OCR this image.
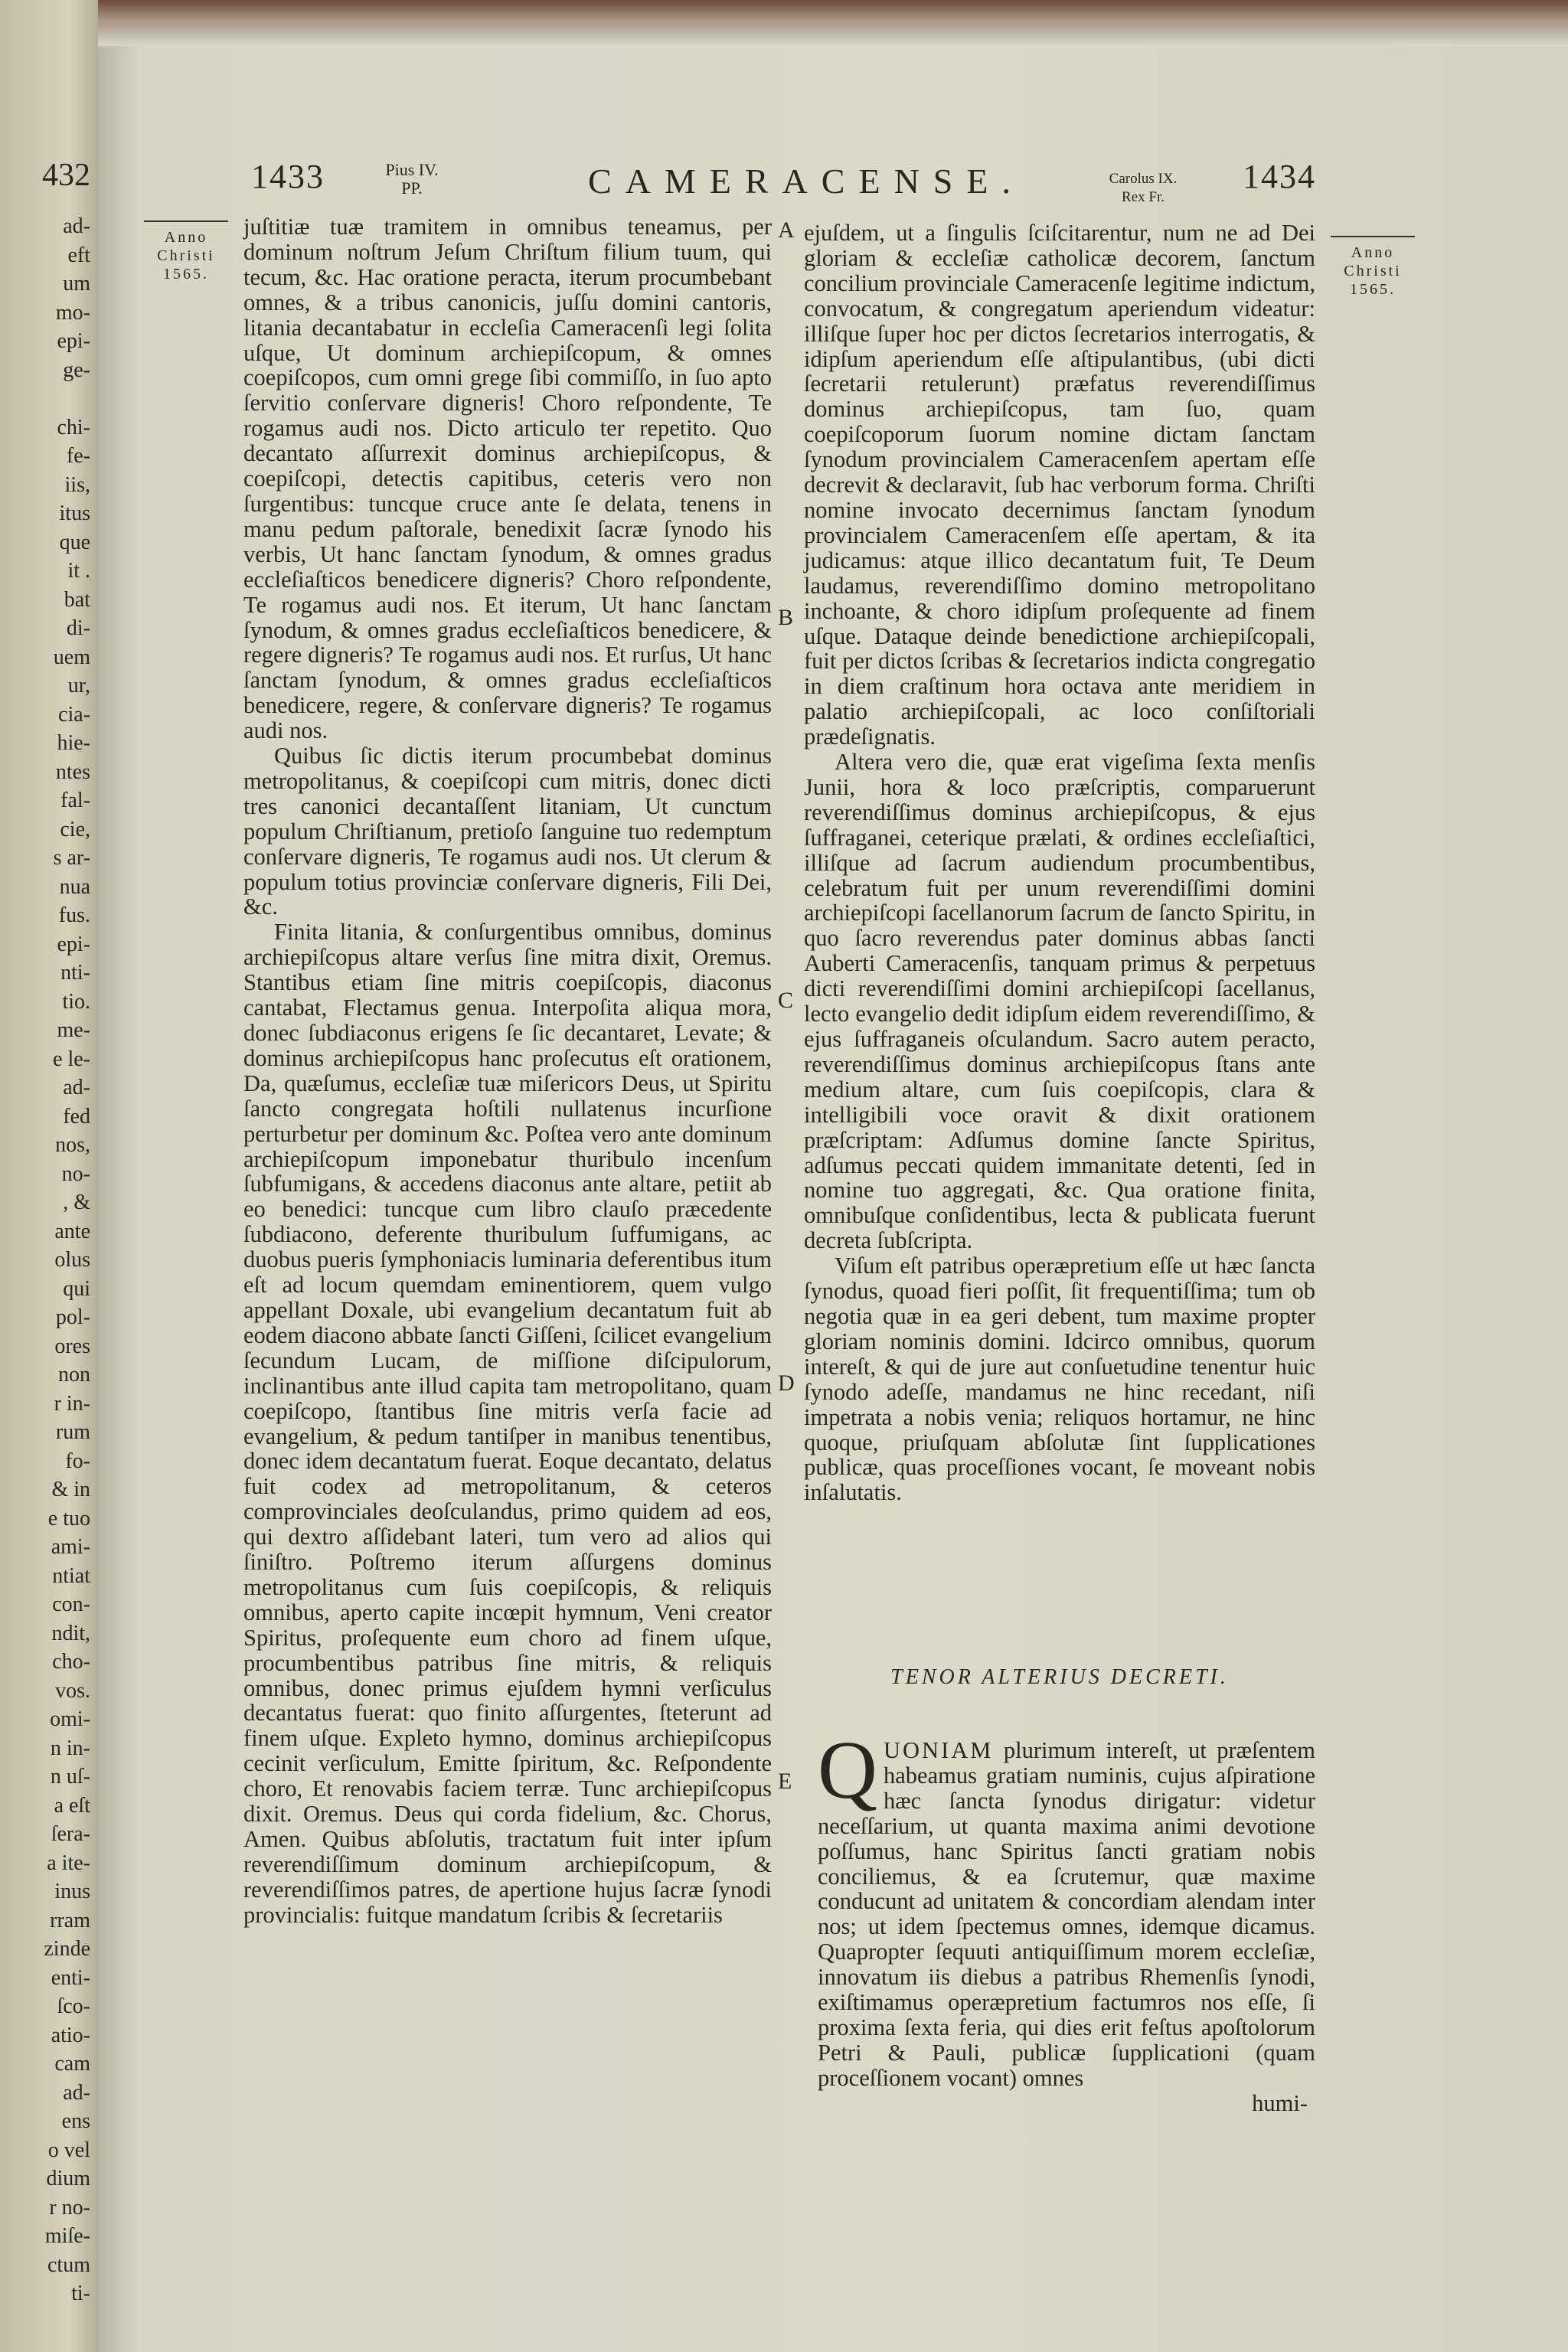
432
ad-
eft
um
mo-
epi-
ge-
chi-
fe-
iis,
itus
que
it .
bat
di-
uem
ur,
cia-
hie-
ntes
fal-
cie,
s ar-
nua
fus.
epi-
nti-
tio.
me-
e le-
ad-
fed
nos,
no-
, &
ante
olus
qui
pol-
ores
non
r in-
rum
fo-
& in
e tuo
ami-
ntiat
con-
ndit,
cho-
vos.
omi-
n in-
n uſ-
a eſt
ſera-
a ite-
inus
rram
zinde
enti-
ſco-
atio-
cam
ad-
ens
o vel
dium
r no-
miſe-
ctum
ti-
1433	Pius IV.
PP.	CAMERACENSE.	Carolus IX.
Rex Fr.
1434
Anno
Christi
1565.
Anno
Christi
1565.
A
B
C
D
E

juſtitiæ tuæ tramitem in omnibus teneamus, per dominum noſtrum Jeſum Chriſtum filium tuum, qui tecum, &c. Hac oratione peracta, iterum procumbebant omnes, & a tribus canonicis, juſſu domini cantoris, litania decantabatur in eccleſia Cameracenſi legi ſolita uſque, Ut dominum archiepiſcopum, & omnes coepiſcopos, cum omni grege ſibi commiſſo, in ſuo apto ſervitio conſervare digneris! Choro reſpondente, Te rogamus audi nos. Dicto articulo ter repetito. Quo decantato aſſurrexit dominus archiepiſcopus, & coepiſcopi, detectis capitibus, ceteris vero non ſurgentibus: tuncque cruce ante ſe delata, tenens in manu pedum paſtorale, benedixit ſacræ ſynodo his verbis, Ut hanc ſanctam ſynodum, & omnes gradus eccleſiaſticos benedicere digneris? Choro reſpondente, Te rogamus audi nos. Et iterum, Ut hanc ſanctam ſynodum, & omnes gradus eccleſiaſticos benedicere, & regere digneris? Te rogamus audi nos. Et rurſus, Ut hanc ſanctam ſynodum, & omnes gradus eccleſiaſticos benedicere, regere, & conſervare digneris? Te rogamus audi nos.

Quibus ſic dictis iterum procumbebat dominus metropolitanus, & coepiſcopi cum mitris, donec dicti tres canonici decantaſſent litaniam, Ut cunctum populum Chriſtianum, pretioſo ſanguine tuo redemptum conſervare digneris, Te rogamus audi nos. Ut clerum & populum totius provinciæ conſervare digneris, Fili Dei, &c.

Finita litania, & conſurgentibus omnibus, dominus archiepiſcopus altare verſus ſine mitra dixit, Oremus. Stantibus etiam ſine mitris coepiſcopis, diaconus cantabat, Flectamus genua. Interpoſita aliqua mora, donec ſubdiaconus erigens ſe ſic decantaret, Levate; & dominus archiepiſcopus hanc proſecutus eſt orationem, Da, quæſumus, eccleſiæ tuæ miſericors Deus, ut Spiritu ſancto congregata hoſtili nullatenus incurſione perturbetur per dominum &c. Poſtea vero ante dominum archiepiſcopum imponebatur thuribulo incenſum ſubfumigans, & accedens diaconus ante altare, petiit ab eo benedici: tuncque cum libro clauſo præcedente ſubdiacono, deferente thuribulum ſuffumigans, ac duobus pueris ſymphoniacis luminaria deferentibus itum eſt ad locum quemdam eminentiorem, quem vulgo appellant Doxale, ubi evangelium decantatum fuit ab eodem diacono abbate ſancti Giſſeni, ſcilicet evangelium ſecundum Lucam, de miſſione diſcipulorum, inclinantibus ante illud capita tam metropolitano, quam coepiſcopo, ſtantibus ſine mitris verſa facie ad evangelium, & pedum tantiſper in manibus tenentibus, donec idem decantatum fuerat. Eoque decantato, delatus fuit codex ad metropolitanum, & ceteros comprovinciales deoſculandus, primo quidem ad eos, qui dextro aſſidebant lateri, tum vero ad alios qui ſiniſtro. Poſtremo iterum aſſurgens dominus metropolitanus cum ſuis coepiſcopis, & reliquis omnibus, aperto capite incœpit hymnum, Veni creator Spiritus, proſequente eum choro ad finem uſque, procumbentibus patribus ſine mitris, & reliquis omnibus, donec primus ejuſdem hymni verſiculus decantatus fuerat: quo finito aſſurgentes, ſteterunt ad finem uſque. Expleto hymno, dominus archiepiſcopus cecinit verſiculum, Emitte ſpiritum, &c. Reſpondente choro, Et renovabis faciem terræ. Tunc archiepiſcopus dixit. Oremus. Deus qui corda fidelium, &c. Chorus, Amen. Quibus abſolutis, tractatum fuit inter ipſum reverendiſſimum dominum archiepiſcopum, & reverendiſſimos patres, de apertione hujus ſacræ ſynodi provincialis: fuitque mandatum ſcribis & ſecretariis

ejuſdem, ut a ſingulis ſciſcitarentur, num ne ad Dei gloriam & eccleſiæ catholicæ decorem, ſanctum concilium provinciale Cameracenſe legitime indictum, convocatum, & congregatum aperiendum videatur: illiſque ſuper hoc per dictos ſecretarios interrogatis, & idipſum aperiendum eſſe aſtipulantibus, (ubi dicti ſecretarii retulerunt) præfatus reverendiſſimus dominus archiepiſcopus, tam ſuo, quam coepiſcoporum ſuorum nomine dictam ſanctam ſynodum provincialem Cameracenſem apertam eſſe decrevit & declaravit, ſub hac verborum forma. Chriſti nomine invocato decernimus ſanctam ſynodum provincialem Cameracenſem eſſe apertam, & ita judicamus: atque illico decantatum fuit, Te Deum laudamus, reverendiſſimo domino metropolitano inchoante, & choro idipſum proſequente ad finem uſque. Dataque deinde benedictione archiepiſcopali, fuit per dictos ſcribas & ſecretarios indicta congregatio in diem craſtinum hora octava ante meridiem in palatio archiepiſcopali, ac loco conſiſtoriali prædeſignatis.

Altera vero die, quæ erat vigeſima ſexta menſis Junii, hora & loco præſcriptis, comparuerunt reverendiſſimus dominus archiepiſcopus, & ejus ſuffraganei, ceterique prælati, & ordines eccleſiaſtici, illiſque ad ſacrum audiendum procumbentibus, celebratum fuit per unum reverendiſſimi domini archiepiſcopi ſacellanorum ſacrum de ſancto Spiritu, in quo ſacro reverendus pater dominus abbas ſancti Auberti Cameracenſis, tanquam primus & perpetuus dicti reverendiſſimi domini archiepiſcopi ſacellanus, lecto evangelio dedit idipſum eidem reverendiſſimo, & ejus ſuffraganeis oſculandum. Sacro autem peracto, reverendiſſimus dominus archiepiſcopus ſtans ante medium altare, cum ſuis coepiſcopis, clara & intelligibili voce oravit & dixit orationem præſcriptam: Adſumus domine ſancte Spiritus, adſumus peccati quidem immanitate detenti, ſed in nomine tuo aggregati, &c. Qua oratione finita, omnibuſque conſidentibus, lecta & publicata fuerunt decreta ſubſcripta.

Viſum eſt patribus operæpretium eſſe ut hæc ſancta ſynodus, quoad fieri poſſit, ſit frequentiſſima; tum ob negotia quæ in ea geri debent, tum maxime propter gloriam nominis domini. Idcirco omnibus, quorum intereſt, & qui de jure aut conſuetudine tenentur huic ſynodo adeſſe, mandamus ne hinc recedant, niſi impetrata a nobis venia; reliquos hortamur, ne hinc quoque, priuſquam abſolutæ ſint ſupplicationes publicæ, quas proceſſiones vocant, ſe moveant nobis inſalutatis.

TENOR ALTERIUS DECRETI.
QUONIAM plurimum intereſt, ut præſentem habeamus gratiam numinis, cujus aſpiratione hæc ſancta ſynodus dirigatur: videtur neceſſarium, ut quanta maxima animi devotione poſſumus, hanc Spiritus ſancti gratiam nobis conciliemus, & ea ſcrutemur, quæ maxime conducunt ad unitatem & concordiam alendam inter nos; ut idem ſpectemus omnes, idemque dicamus. Quapropter ſequuti antiquiſſimum morem eccleſiæ, innovatum iis diebus a patribus Rhemenſis ſynodi, exiſtimamus operæpretium factumros nos eſſe, ſi proxima ſexta feria, qui dies erit feſtus apoſtolorum Petri & Pauli, publicæ ſupplicationi (quam proceſſionem vocant) omnes
humi-
